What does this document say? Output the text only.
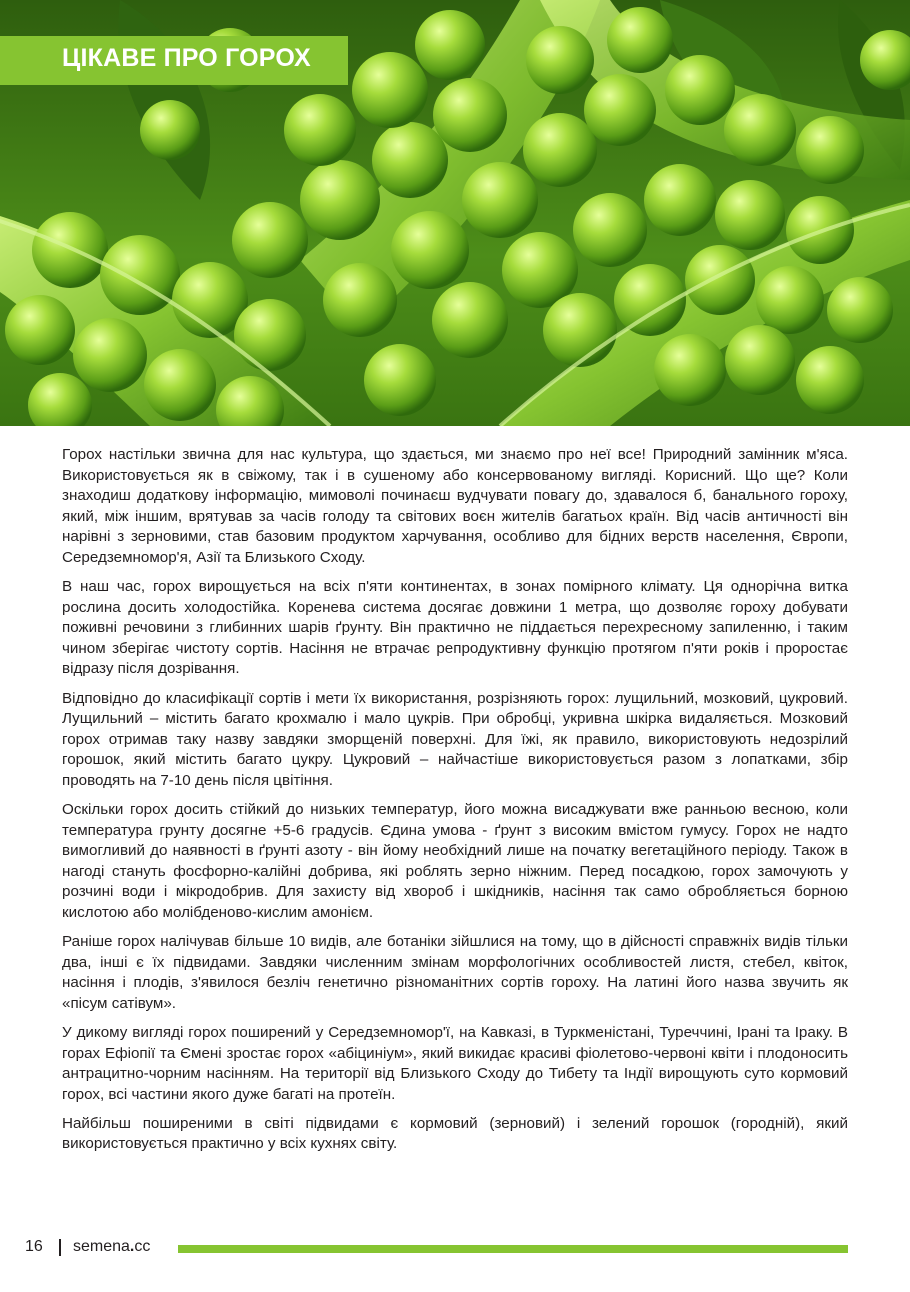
ЦІКАВЕ ПРО ГОРОХ

Горох настільки звична для нас культура, що здається, ми знаємо про неї все! Природний замінник м'яса. Використовується як в свіжому, так і в сушеному або консервованому вигляді. Корисний. Що ще? Коли знаходиш додаткову інформацію, мимоволі починаєш вудчувати повагу до, здавалося б, банального гороху, який, між іншим, врятував за часів голоду та світових воєн жителів багатьох країн. Від часів античності він нарівні з зерновими, став базовим продуктом харчування, особливо для бідних верств населення, Європи, Середземномор'я, Азії та Близького Сходу.

В наш час, горох вирощується на всіх п'яти континентах, в зонах помірного клімату. Ця однорічна витка рослина досить холодостійка. Коренева система досягає довжини 1 метра, що дозволяє гороху добувати поживні речовини з глибинних шарів ґрунту. Він практично не піддається перехресному запиленню, і таким чином зберігає чистоту сортів. Насіння не втрачає репродуктивну функцію протягом п'яти років і проростає відразу після дозрівання.

Відповідно до класифікації сортів і мети їх використання, розрізняють горох: лущильний, мозковий, цукровий. Лущильний – містить багато крохмалю і мало цукрів. При обробці, укривна шкірка видаляється. Мозковий горох отримав таку назву завдяки зморщеній поверхні. Для їжі, як правило, використовують недозрілий горошок, який містить багато цукру. Цукровий – найчастіше використовується разом з лопатками, збір проводять на 7-10 день після цвітіння.

Оскільки горох досить стійкий до низьких температур, його можна висаджувати вже ранньою весною, коли температура грунту досягне +5-6 градусів. Єдина умова - ґрунт з високим вмістом гумусу. Горох не надто вимогливий до наявності в ґрунті азоту - він йому необхідний лише на початку вегетаційного періоду. Також в нагоді стануть фосфорно-калійні добрива, які роблять зерно ніжним. Перед посадкою, горох замочують у розчині води і мікродобрив. Для захисту від хвороб і шкідників, насіння так само обробляється борною кислотою або молібденово-кислим амонієм.

Раніше горох налічував більше 10 видів, але ботаніки зійшлися на тому, що в дійсності справжніх видів тільки два, інші є їх підвидами. Завдяки численним змінам морфологічних особливостей листя, стебел, квіток, насіння і плодів, з'явилося безліч генетично різноманітних сортів гороху. На латині його назва звучить як «пісум сатівум».

У дикому вигляді горох поширений у Середземномор'ї, на Кавказі, в Туркменістані, Туреччині, Ірані та Іраку. В горах Ефіопії та Ємені зростає горох «абіциніум», який викидає красиві фіолетово-червоні квіти і плодоносить антрацитно-чорним насінням. На території від Близького Сходу до Тибету та Індії вирощують суто кормовий горох, всі частини якого дуже багаті на протеїн.

Найбільш поширеними в світі підвидами є кормовий (зерновий) і зелений горошок (городній), який використовується практично у всіх кухнях світу.

16 semena.cc
